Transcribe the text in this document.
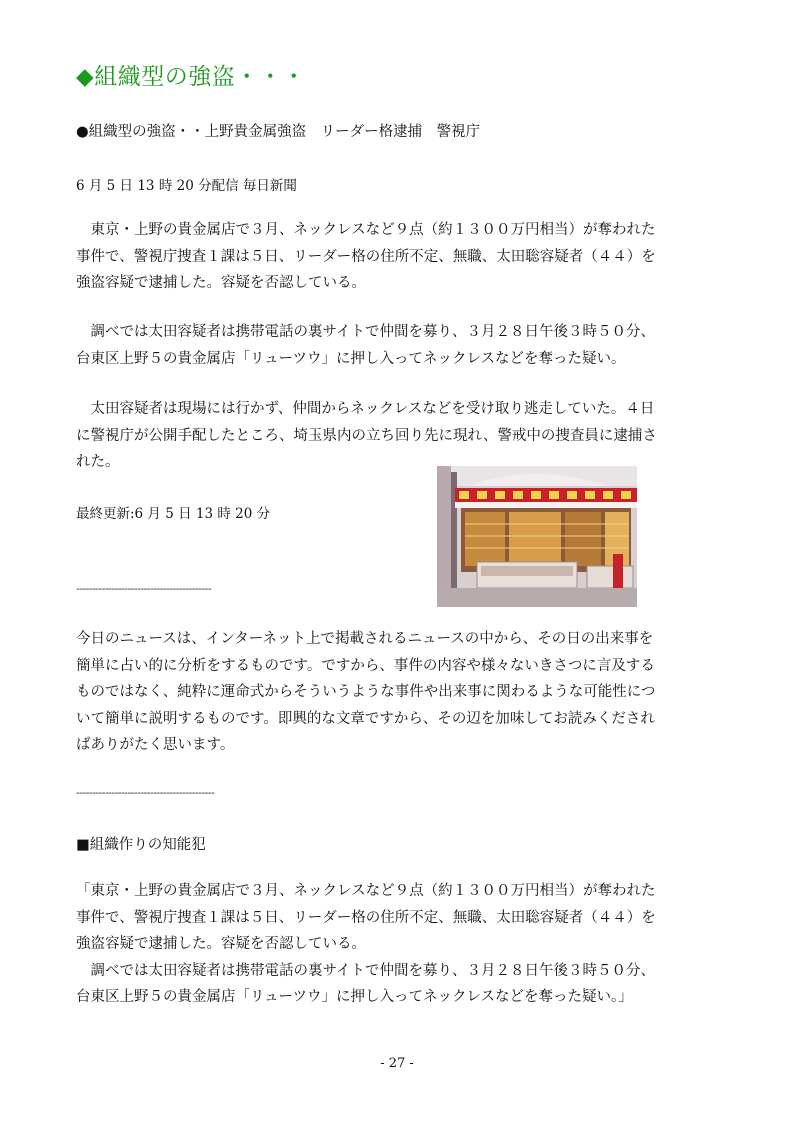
◆組織型の強盗・・・
●組織型の強盗・・上野貴金属強盗　リーダー格逮捕　警視庁
6 月 5 日 13 時 20 分配信 毎日新聞
　東京・上野の貴金属店で３月、ネックレスなど９点（約１３００万円相当）が奪われた
事件で、警視庁捜査１課は５日、リーダー格の住所不定、無職、太田聡容疑者（４４）を
強盗容疑で逮捕した。容疑を否認している。
　調べでは太田容疑者は携帯電話の裏サイトで仲間を募り、３月２８日午後３時５０分、
台東区上野５の貴金属店「リューツウ」に押し入ってネックレスなどを奪った疑い。
　太田容疑者は現場には行かず、仲間からネックレスなどを受け取り逃走していた。４日
に警視庁が公開手配したところ、埼玉県内の立ち回り先に現れ、警戒中の捜査員に逮捕さ
れた。
最終更新:6 月 5 日 13 時 20 分
------------------------------------------
今日のニュースは、インターネット上で掲載されるニュースの中から、その日の出来事を
簡単に占い的に分析をするものです。ですから、事件の内容や様々ないきさつに言及する
ものではなく、純粋に運命式からそういうような事件や出来事に関わるような可能性につ
いて簡単に説明するものです。即興的な文章ですから、その辺を加味してお読みくだされ
ばありがたく思います。
-------------------------------------------
■組織作りの知能犯
「東京・上野の貴金属店で３月、ネックレスなど９点（約１３００万円相当）が奪われた
事件で、警視庁捜査１課は５日、リーダー格の住所不定、無職、太田聡容疑者（４４）を
強盗容疑で逮捕した。容疑を否認している。
　調べでは太田容疑者は携帯電話の裏サイトで仲間を募り、３月２８日午後３時５０分、
台東区上野５の貴金属店「リューツウ」に押し入ってネックレスなどを奪った疑い。」
- 27 -
